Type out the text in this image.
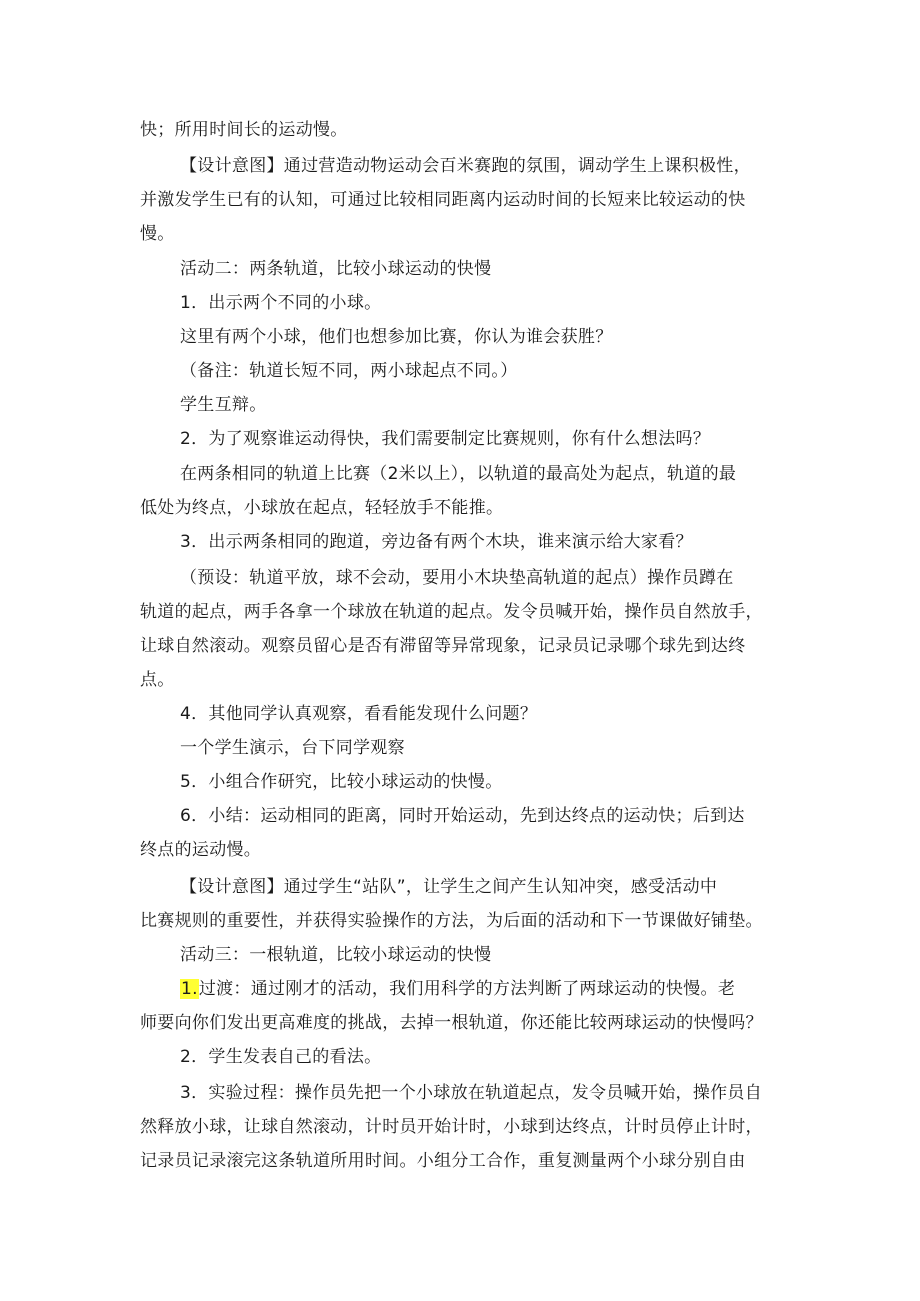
快；所用时间长的运动慢。
【设计意图】通过营造动物运动会百米赛跑的氛围，调动学生上课积极性，
并激发学生已有的认知，可通过比较相同距离内运动时间的长短来比较运动的快
慢。
活动二：两条轨道，比较小球运动的快慢
1．出示两个不同的小球。
这里有两个小球，他们也想参加比赛，你认为谁会获胜？
（备注：轨道长短不同，两小球起点不同。）
学生互辩。
2．为了观察谁运动得快，我们需要制定比赛规则，你有什么想法吗？
在两条相同的轨道上比赛（2米以上），以轨道的最高处为起点，轨道的最
低处为终点，小球放在起点，轻轻放手不能推。
3．出示两条相同的跑道，旁边备有两个木块，谁来演示给大家看？
（预设：轨道平放，球不会动，要用小木块垫高轨道的起点）操作员蹲在
轨道的起点，两手各拿一个球放在轨道的起点。发令员喊开始，操作员自然放手，
让球自然滚动。观察员留心是否有滞留等异常现象，记录员记录哪个球先到达终
点。
4．其他同学认真观察，看看能发现什么问题？
一个学生演示，台下同学观察
5．小组合作研究，比较小球运动的快慢。
6．小结：运动相同的距离，同时开始运动，先到达终点的运动快；后到达
终点的运动慢。
【设计意图】通过学生“站队”，让学生之间产生认知冲突，感受活动中
比赛规则的重要性，并获得实验操作的方法，为后面的活动和下一节课做好铺垫。
活动三：一根轨道，比较小球运动的快慢
1.过渡：通过刚才的活动，我们用科学的方法判断了两球运动的快慢。老
师要向你们发出更高难度的挑战，去掉一根轨道，你还能比较两球运动的快慢吗？
2．学生发表自己的看法。
3．实验过程：操作员先把一个小球放在轨道起点，发令员喊开始，操作员自
然释放小球，让球自然滚动，计时员开始计时，小球到达终点，计时员停止计时，
记录员记录滚完这条轨道所用时间。小组分工合作，重复测量两个小球分别自由
